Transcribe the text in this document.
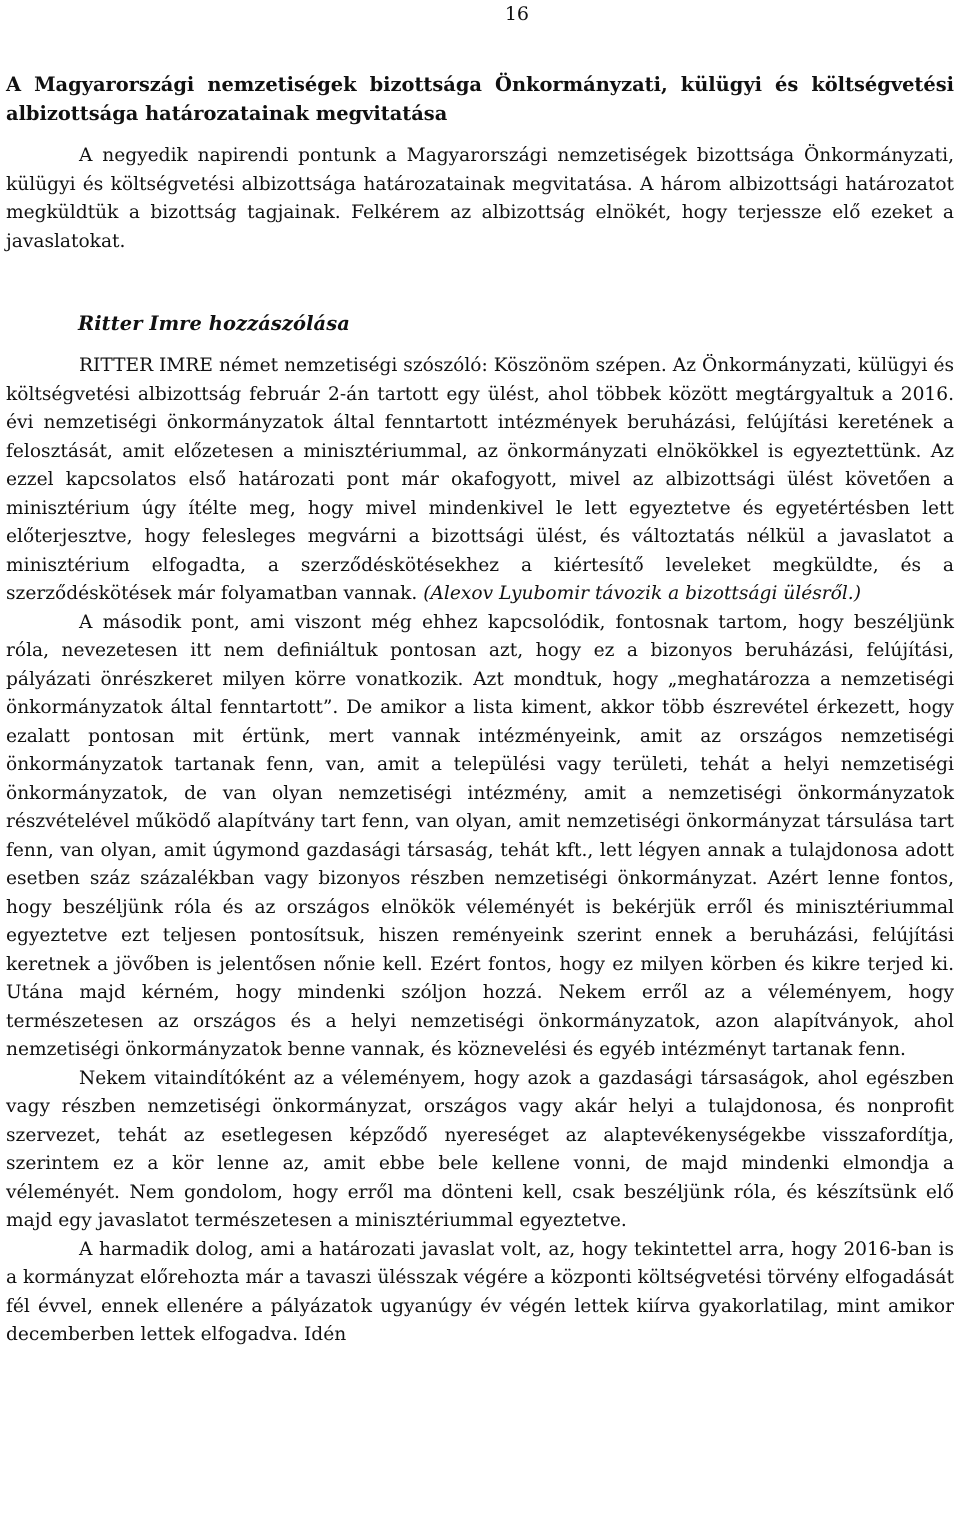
16
A Magyarországi nemzetiségek bizottsága Önkormányzati, külügyi és költségvetési albizottsága határozatainak megvitatása

A negyedik napirendi pontunk a Magyarországi nemzetiségek bizottsága Önkormányzati, külügyi és költségvetési albizottsága határozatainak megvitatása. A három albizottsági határozatot megküldtük a bizottság tagjainak. Felkérem az albizottság elnökét, hogy terjessze elő ezeket a javaslatokat.

Ritter Imre hozzászólása

RITTER IMRE német nemzetiségi szószóló: Köszönöm szépen. Az Önkormányzati, külügyi és költségvetési albizottság február 2-án tartott egy ülést, ahol többek között megtárgyaltuk a 2016. évi nemzetiségi önkormányzatok által fenntartott intézmények beruházási, felújítási keretének a felosztását, amit előzetesen a minisztériummal, az önkormányzati elnökökkel is egyeztettünk. Az ezzel kapcsolatos első határozati pont már okafogyott, mivel az albizottsági ülést követően a minisztérium úgy ítélte meg, hogy mivel mindenkivel le lett egyeztetve és egyetértésben lett előterjesztve, hogy felesleges megvárni a bizottsági ülést, és változtatás nélkül a javaslatot a minisztérium elfogadta, a szerződéskötésekhez a kiértesítő leveleket megküldte, és a szerződéskötések már folyamatban vannak. (Alexov Lyubomir távozik a bizottsági ülésről.)

A második pont, ami viszont még ehhez kapcsolódik, fontosnak tartom, hogy beszéljünk róla, nevezetesen itt nem definiáltuk pontosan azt, hogy ez a bizonyos beruházási, felújítási, pályázati önrészkeret milyen körre vonatkozik. Azt mondtuk, hogy „meghatározza a nemzetiségi önkormányzatok által fenntartott”. De amikor a lista kiment, akkor több észrevétel érkezett, hogy ezalatt pontosan mit értünk, mert vannak intézményeink, amit az országos nemzetiségi önkormányzatok tartanak fenn, van, amit a települési vagy területi, tehát a helyi nemzetiségi önkormányzatok, de van olyan nemzetiségi intézmény, amit a nemzetiségi önkormányzatok részvételével működő alapítvány tart fenn, van olyan, amit nemzetiségi önkormányzat társulása tart fenn, van olyan, amit úgymond gazdasági társaság, tehát kft., lett légyen annak a tulajdonosa adott esetben száz százalékban vagy bizonyos részben nemzetiségi önkormányzat. Azért lenne fontos, hogy beszéljünk róla és az országos elnökök véleményét is bekérjük erről és minisztériummal egyeztetve ezt teljesen pontosítsuk, hiszen reményeink szerint ennek a beruházási, felújítási keretnek a jövőben is jelentősen nőnie kell. Ezért fontos, hogy ez milyen körben és kikre terjed ki. Utána majd kérném, hogy mindenki szóljon hozzá. Nekem erről az a véleményem, hogy természetesen az országos és a helyi nemzetiségi önkormányzatok, azon alapítványok, ahol nemzetiségi önkormányzatok benne vannak, és köznevelési és egyéb intézményt tartanak fenn.

Nekem vitaindítóként az a véleményem, hogy azok a gazdasági társaságok, ahol egészben vagy részben nemzetiségi önkormányzat, országos vagy akár helyi a tulajdonosa, és nonprofit szervezet, tehát az esetlegesen képződő nyereséget az alaptevékenységekbe visszafordítja, szerintem ez a kör lenne az, amit ebbe bele kellene vonni, de majd mindenki elmondja a véleményét. Nem gondolom, hogy erről ma dönteni kell, csak beszéljünk róla, és készítsünk elő majd egy javaslatot természetesen a minisztériummal egyeztetve.

A harmadik dolog, ami a határozati javaslat volt, az, hogy tekintettel arra, hogy 2016-ban is a kormányzat előrehozta már a tavaszi ülésszak végére a központi költségvetési törvény elfogadását fél évvel, ennek ellenére a pályázatok ugyanúgy év végén lettek kiírva gyakorlatilag, mint amikor decemberben lettek elfogadva. Idén
